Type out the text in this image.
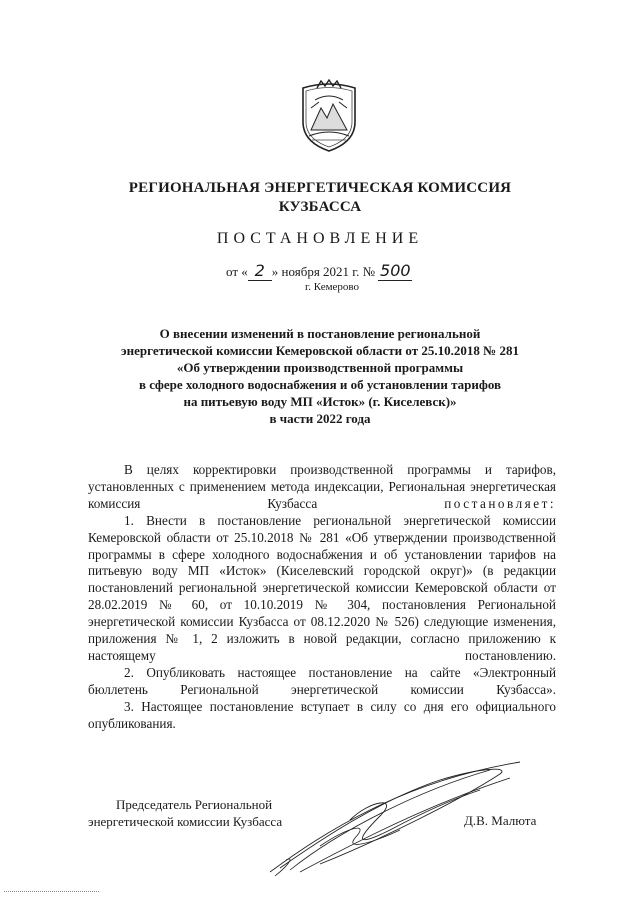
РЕГИОНАЛЬНАЯ ЭНЕРГЕТИЧЕСКАЯ КОМИССИЯ
КУЗБАССА
ПОСТАНОВЛЕНИЕ
от « 2 » ноября 2021 г. № 500
г. Кемерово
О внесении изменений в постановление региональной
энергетической комиссии Кемеровской области от 25.10.2018 № 281
«Об утверждении производственной программы
в сфере холодного водоснабжения и об установлении тарифов
на питьевую воду МП «Исток» (г. Киселевск)»
в части 2022 года

В целях корректировки производственной программы и тарифов, установленных с применением метода индексации, Региональная энергетическая комиссия Кузбасса постановляет:

1. Внести в постановление региональной энергетической комиссии Кемеровской области от 25.10.2018 № 281 «Об утверждении производственной программы в сфере холодного водоснабжения и об установлении тарифов на питьевую воду МП «Исток» (Киселевский городской округ)» (в редакции постановлений региональной энергетической комиссии Кемеровской области от 28.02.2019 № 60, от 10.10.2019 № 304, постановления Региональной энергетической комиссии Кузбасса от 08.12.2020 № 526) следующие изменения, приложения № 1, 2 изложить в новой редакции, согласно приложению к настоящему постановлению.

2. Опубликовать настоящее постановление на сайте «Электронный бюллетень Региональной энергетической комиссии Кузбасса».

3. Настоящее постановление вступает в силу со дня его официального опубликования.

Председатель Региональной
энергетической комиссии Кузбасса	Д.В. Малюта
